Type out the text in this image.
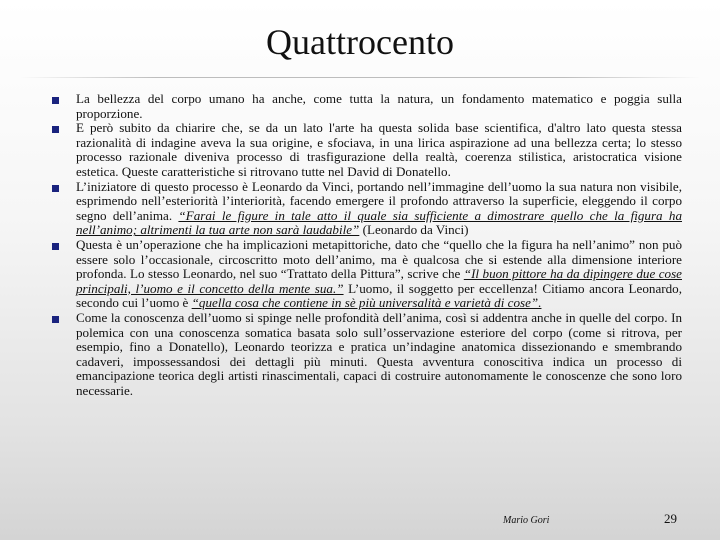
Quattrocento
La bellezza del corpo umano ha anche, come tutta la natura, un fondamento matematico e poggia sulla proporzione.
E però subito da chiarire che, se da un lato l'arte ha questa solida base scientifica, d'altro lato questa stessa razionalità di indagine aveva la sua origine, e sfociava, in una lirica aspirazione ad una bellezza certa; lo stesso processo razionale diveniva processo di trasfigurazione della realtà, coerenza stilistica, aristocratica visione estetica. Queste caratteristiche si ritrovano tutte nel David di Donatello.
L’iniziatore di questo processo è Leonardo da Vinci, portando nell’immagine dell’uomo la sua natura non visibile, esprimendo nell’esteriorità l’interiorità, facendo emergere il profondo attraverso la superficie, eleggendo il corpo segno dell’anima. “Farai le figure in tale atto il quale sia sufficiente a dimostrare quello che la figura ha nell’animo; altrimenti la tua arte non sarà laudabile” (Leonardo da Vinci)
Questa è un’operazione che ha implicazioni metapittoriche, dato che “quello che la figura ha nell’animo” non può essere solo l’occasionale, circoscritto moto dell’animo, ma è qualcosa che si estende alla dimensione interiore profonda. Lo stesso Leonardo, nel suo “Trattato della Pittura”, scrive che “Il buon pittore ha da dipingere due cose principali, l’uomo e il concetto della mente sua.” L’uomo, il soggetto per eccellenza! Citiamo ancora Leonardo, secondo cui l’uomo è “quella cosa che contiene in sè più universalità e varietà di cose”.
Come la conoscenza dell’uomo si spinge nelle profondità dell’anima, così si addentra anche in quelle del corpo. In polemica con una conoscenza somatica basata solo sull’osservazione esteriore del corpo (come si ritrova, per esempio, fino a Donatello), Leonardo teorizza e pratica un’indagine anatomica dissezionando e smembrando cadaveri, impossessandosi dei dettagli più minuti. Questa avventura conoscitiva indica un processo di emancipazione teorica degli artisti rinascimentali, capaci di costruire autonomamente le conoscenze che sono loro necessarie.
Mario Gori	29
